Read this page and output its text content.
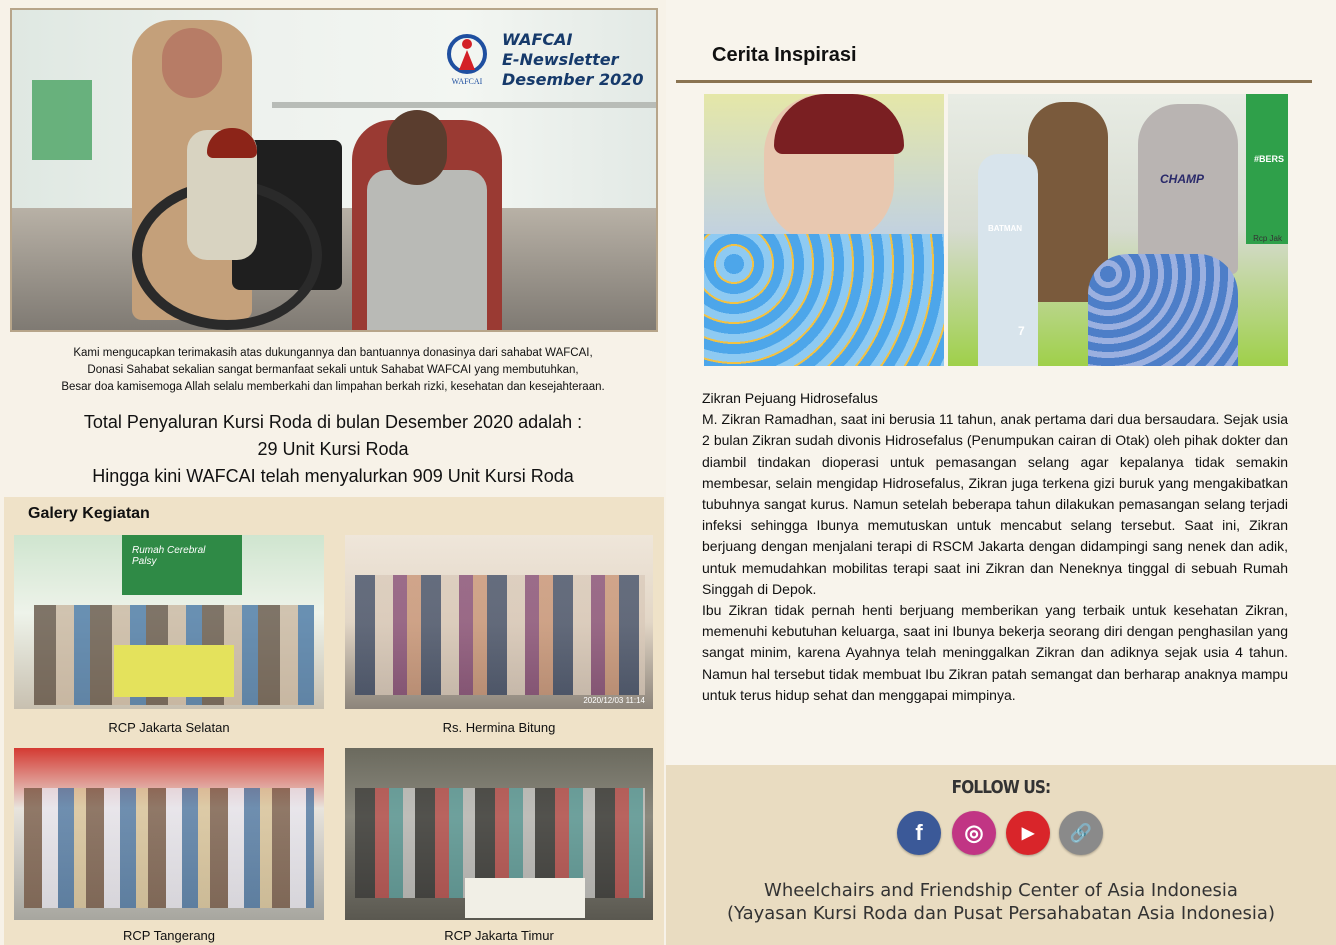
WAFCAI
WAFCAI
E-Newsletter
Desember 2020
Kami mengucapkan terimakasih atas dukungannya dan bantuannya donasinya dari sahabat WAFCAI,
Donasi Sahabat sekalian sangat bermanfaat sekali untuk Sahabat WAFCAI yang membutuhkan,
Besar doa kamisemoga Allah selalu memberkahi dan limpahan berkah rizki, kesehatan dan kesejahteraan.
Total Penyaluran Kursi Roda di bulan Desember 2020 adalah :
29 Unit Kursi Roda
Hingga kini WAFCAI telah menyalurkan 909 Unit Kursi Roda
Galery Kegiatan
Rumah Cerebral Palsy
RCP Jakarta Selatan
2020/12/03 11:14
Rs. Hermina Bitung
RCP Tangerang	RCP Jakarta Timur
Cerita Inspirasi
#BERS
Rcp Jak
CHAMP
BATMAN
7

Zikran Pejuang Hidrosefalus

M. Zikran Ramadhan, saat ini berusia 11 tahun, anak pertama dari dua bersaudara. Sejak usia 2 bulan Zikran sudah divonis Hidrosefalus (Penumpukan cairan di Otak) oleh pihak dokter dan diambil tindakan dioperasi untuk pemasangan selang agar kepalanya tidak semakin membesar, selain mengidap Hidrosefalus, Zikran juga terkena gizi buruk yang mengakibatkan tubuhnya sangat kurus. Namun setelah beberapa tahun dilakukan pemasangan selang terjadi infeksi sehingga Ibunya memutuskan untuk mencabut selang tersebut. Saat ini, Zikran berjuang dengan menjalani terapi di RSCM Jakarta dengan didampingi sang nenek dan adik, untuk memudahkan mobilitas terapi saat ini Zikran dan Neneknya tinggal di sebuah Rumah Singgah di Depok.

Ibu Zikran tidak pernah henti berjuang memberikan yang terbaik untuk kesehatan Zikran, memenuhi kebutuhan keluarga, saat ini Ibunya bekerja seorang diri dengan penghasilan yang sangat minim, karena Ayahnya telah meninggalkan Zikran dan adiknya sejak usia 4 tahun. Namun hal tersebut tidak membuat Ibu Zikran patah semangat dan berharap anaknya mampu untuk terus hidup sehat dan menggapai mimpinya.

FOLLOW US:
f ◎ ▶ 🔗
Wheelchairs and Friendship Center of Asia Indonesia
(Yayasan Kursi Roda dan Pusat Persahabatan Asia Indonesia)
